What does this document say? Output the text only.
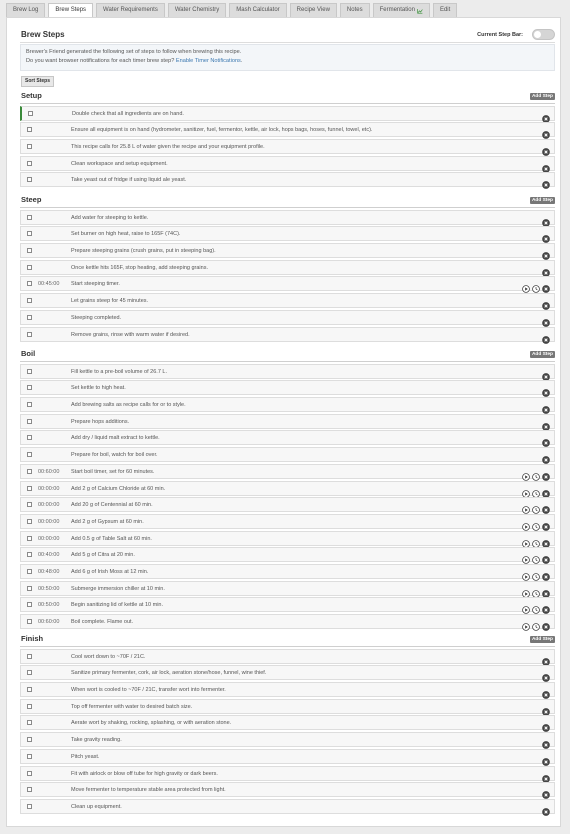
Brew Log	Brew Steps	Water Requirements	Water Chemistry	Mash Calculator	Recipe View	Notes	Fermentation	Edit
Brew Steps	Current Step Bar:
Brewer's Friend generated the following set of steps to follow when brewing this recipe.
Do you want browser notifications for each timer brew step? Enable Timer Notifications.
Sort Steps
Setup	Add Step
Double check that all ingredients are on hand.
Ensure all equipment is on hand (hydrometer, sanitizer, fuel, fermentor, kettle, air lock, hops bags, hoses, funnel, towel, etc).
This recipe calls for 25.8 L of water given the recipe and your equipment profile.
Clean workspace and setup equipment.
Take yeast out of fridge if using liquid ale yeast.
Steep	Add Step
Add water for steeping to kettle.
Set burner on high heat, raise to 165F (74C).
Prepare steeping grains (crush grains, put in steeping bag).
Once kettle hits 165F, stop heating, add steeping grains.
00:45:00 Start steeping timer.
Let grains steep for 45 minutes.
Steeping completed.
Remove grains, rinse with warm water if desired.
Boil	Add Step
Fill kettle to a pre-boil volume of 26.7 L.
Set kettle to high heat.
Add brewing salts as recipe calls for or to style.
Prepare hops additions.
Add dry / liquid malt extract to kettle.
Prepare for boil, watch for boil over.
00:60:00 Start boil timer, set for 60 minutes.
00:00:00 Add 2 g of Calcium Chloride at 60 min.
00:00:00 Add 20 g of Centennial at 60 min.
00:00:00 Add 2 g of Gypsum at 60 min.
00:00:00 Add 0.5 g of Table Salt at 60 min.
00:40:00 Add 5 g of Citra at 20 min.
00:48:00 Add 6 g of Irish Moss at 12 min.
00:50:00 Submerge immersion chiller at 10 min.
00:50:00 Begin sanitizing lid of kettle at 10 min.
00:60:00 Boil complete. Flame out.
Finish	Add Step
Cool wort down to ~70F / 21C.
Sanitize primary fermenter, cork, air lock, aeration stone/hose, funnel, wine thief.
When wort is cooled to ~70F / 21C, transfer wort into fermenter.
Top off fermenter with water to desired batch size.
Aerate wort by shaking, rocking, splashing, or with aeration stone.
Take gravity reading.
Pitch yeast.
Fit with airlock or blow off tube for high gravity or dark beers.
Move fermenter to temperature stable area protected from light.
Clean up equipment.
